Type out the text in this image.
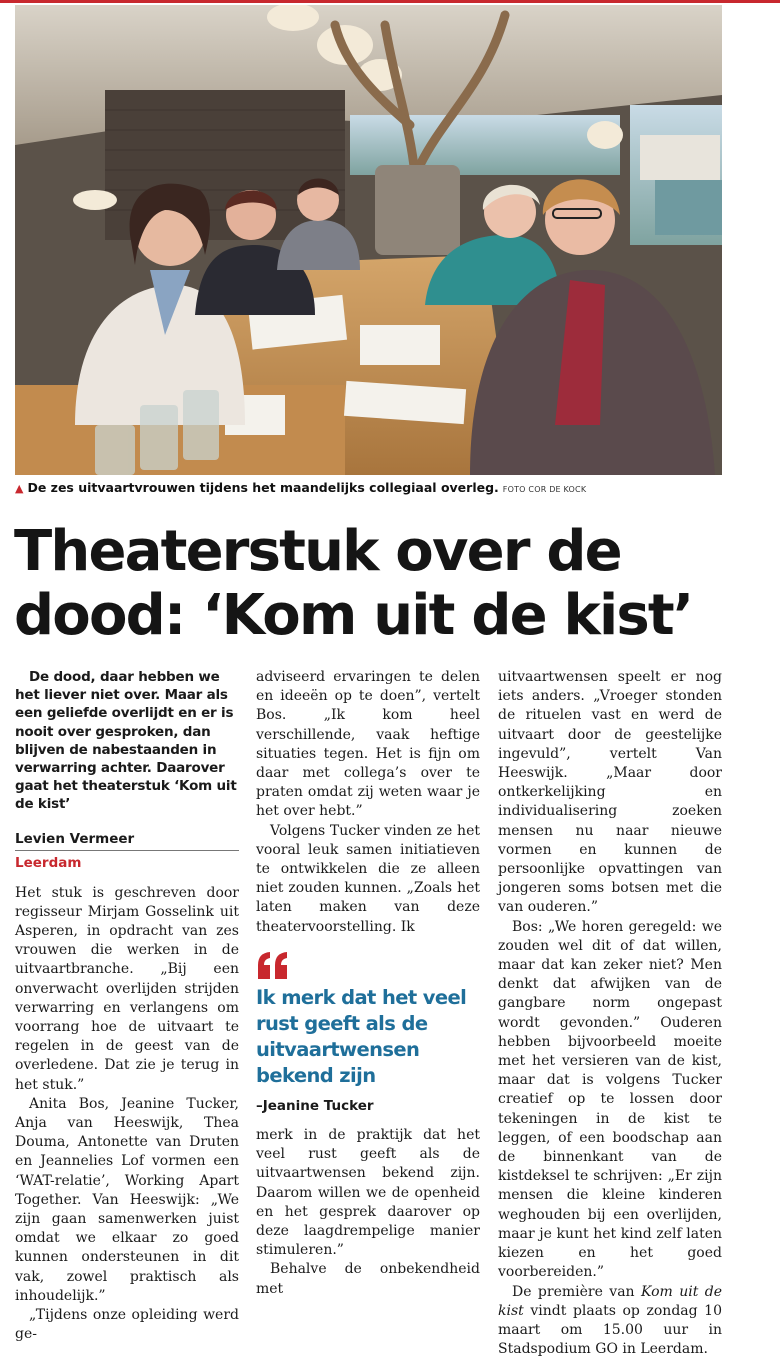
▲ De zes uitvaartvrouwen tijdens het maandelijks collegiaal overleg. FOTO COR DE KOCK
Theaterstuk over de
dood: ‘Kom uit de kist’

De dood, daar hebben we het liever niet over. Maar als een geliefde overlijdt en er is nooit over gesproken, dan blijven de nabestaanden in verwarring achter. Daarover gaat het theaterstuk ‘Kom uit de kist’

Levien Vermeer
Leerdam

Het stuk is geschreven door regisseur Mirjam Gosselink uit Asperen, in opdracht van zes vrouwen die werken in de uitvaartbranche. „Bij een onverwacht overlijden strijden verwarring en verlangens om voorrang hoe de uitvaart te regelen in de geest van de overledene. Dat zie je terug in het stuk.”

Anita Bos, Jeanine Tucker, Anja van Heeswijk, Thea Douma, Antonette van Druten en Jeannelies Lof vormen een ‘WAT-relatie’, Working Apart Together. Van Heeswijk: „We zijn gaan samenwerken juist omdat we elkaar zo goed kunnen ondersteunen in dit vak, zowel praktisch als inhoudelijk.”

„Tijdens onze opleiding werd ge-

adviseerd ervaringen te delen en ideeën op te doen”, vertelt Bos. „Ik kom heel verschillende, vaak heftige situaties tegen. Het is fijn om daar met collega’s over te praten omdat zij weten waar je het over hebt.”

Volgens Tucker vinden ze het vooral leuk samen initiatieven te ontwikkelen die ze alleen niet zouden kunnen. „Zoals het laten maken van deze theatervoorstelling. Ik

Ik merk dat het veel rust geeft als de uitvaartwensen bekend zijn
–Jeanine Tucker

merk in de praktijk dat het veel rust geeft als de uitvaartwensen bekend zijn. Daarom willen we de openheid en het gesprek daarover op deze laagdrempelige manier stimuleren.”

Behalve de onbekendheid met

uitvaartwensen speelt er nog iets anders. „Vroeger stonden de rituelen vast en werd de uitvaart door de geestelijke ingevuld”, vertelt Van Heeswijk. „Maar door ontkerkelijking en individualisering zoeken mensen nu naar nieuwe vormen en kunnen de persoonlijke opvattingen van jongeren soms botsen met die van ouderen.”

Bos: „We horen geregeld: we zouden wel dit of dat willen, maar dat kan zeker niet? Men denkt dat afwijken van de gangbare norm ongepast wordt gevonden.” Ouderen hebben bijvoorbeeld moeite met het versieren van de kist, maar dat is volgens Tucker creatief op te lossen door tekeningen in de kist te leggen, of een boodschap aan de binnenkant van de kistdeksel te schrijven: „Er zijn mensen die kleine kinderen weghouden bij een overlijden, maar je kunt het kind zelf laten kiezen en het goed voorbereiden.”

De première van Kom uit de kist vindt plaats op zondag 10 maart om 15.00 uur in Stadspodium GO in Leerdam.
